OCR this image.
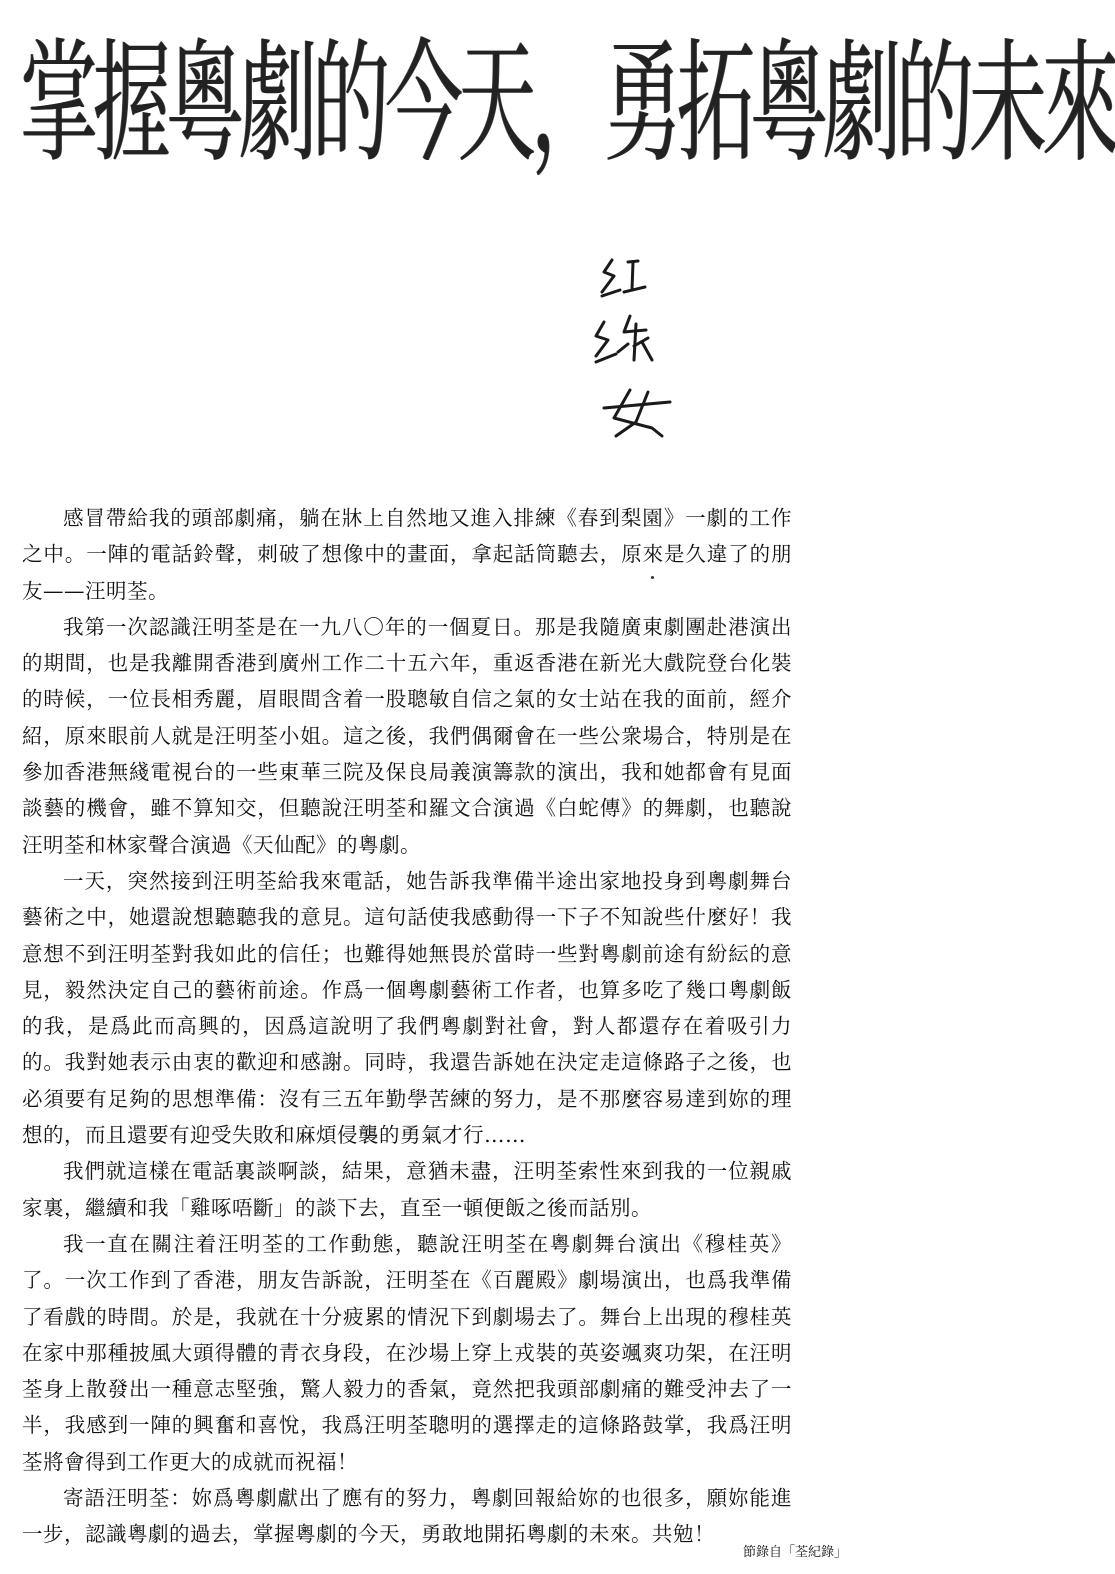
掌握粵劇的今天，勇拓粵劇的未來

感冒帶給我的頭部劇痛，躺在牀上自然地又進入排練《春到梨園》一劇的工作之中。一陣的電話鈴聲，刺破了想像中的畫面，拿起話筒聽去，原來是久違了的朋友——汪明荃。

我第一次認識汪明荃是在一九八〇年的一個夏日。那是我隨廣東劇團赴港演出的期間，也是我離開香港到廣州工作二十五六年，重返香港在新光大戲院登台化裝的時候，一位長相秀麗，眉眼間含着一股聰敏自信之氣的女士站在我的面前，經介紹，原來眼前人就是汪明荃小姐。這之後，我們偶爾會在一些公衆場合，特別是在參加香港無綫電視台的一些東華三院及保良局義演籌款的演出，我和她都會有見面談藝的機會，雖不算知交，但聽說汪明荃和羅文合演過《白蛇傳》的舞劇，也聽說汪明荃和林家聲合演過《天仙配》的粵劇。

一天，突然接到汪明荃給我來電話，她告訴我準備半途出家地投身到粵劇舞台藝術之中，她還說想聽聽我的意見。這句話使我感動得一下子不知說些什麼好！我意想不到汪明荃對我如此的信任；也難得她無畏於當時一些對粵劇前途有紛紜的意見，毅然決定自己的藝術前途。作爲一個粵劇藝術工作者，也算多吃了幾口粵劇飯的我，是爲此而高興的，因爲這說明了我們粵劇對社會，對人都還存在着吸引力的。我對她表示由衷的歡迎和感謝。同時，我還告訴她在決定走這條路子之後，也必須要有足夠的思想準備：沒有三五年勤學苦練的努力，是不那麼容易達到妳的理想的，而且還要有迎受失敗和麻煩侵襲的勇氣才行……

我們就這樣在電話裏談啊談，結果，意猶未盡，汪明荃索性來到我的一位親戚家裏，繼續和我「雞啄唔斷」的談下去，直至一頓便飯之後而話別。

我一直在關注着汪明荃的工作動態，聽說汪明荃在粵劇舞台演出《穆桂英》了。一次工作到了香港，朋友告訴說，汪明荃在《百麗殿》劇場演出，也爲我準備了看戲的時間。於是，我就在十分疲累的情況下到劇場去了。舞台上出現的穆桂英在家中那種披風大頭得體的青衣身段，在沙場上穿上戎裝的英姿颯爽功架，在汪明荃身上散發出一種意志堅強，驚人毅力的香氣，竟然把我頭部劇痛的難受沖去了一半，我感到一陣的興奮和喜悅，我爲汪明荃聰明的選擇走的這條路鼓掌，我爲汪明荃將會得到工作更大的成就而祝福！

寄語汪明荃：妳爲粵劇獻出了應有的努力，粵劇回報給妳的也很多，願妳能進一步，認識粵劇的過去，掌握粵劇的今天，勇敢地開拓粵劇的未來。共勉！

節錄自「荃紀錄」
